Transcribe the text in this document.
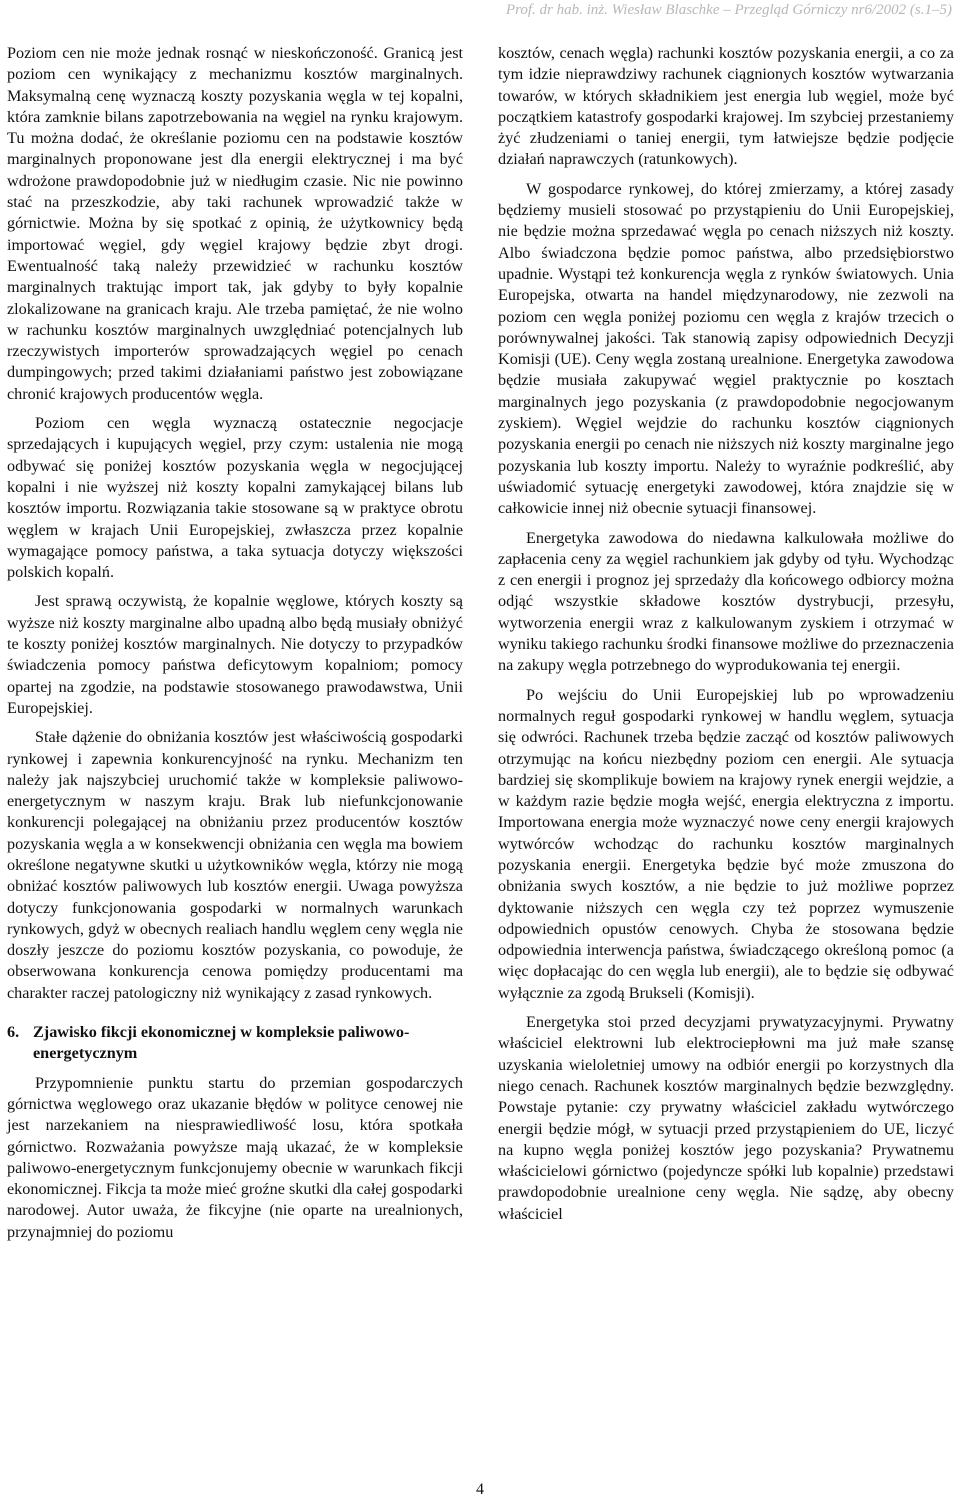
Prof. dr hab. inż. Wiesław Blaschke – Przegląd Górniczy nr6/2002 (s.1–5)

Poziom cen nie może jednak rosnąć w nieskończoność. Granicą jest poziom cen wynikający z mechanizmu kosztów marginalnych. Maksymalną cenę wyznaczą koszty pozyskania węgla w tej kopalni, która zamknie bilans zapotrzebowania na węgiel na rynku krajowym. Tu można dodać, że określanie poziomu cen na podstawie kosztów marginalnych proponowane jest dla energii elektrycznej i ma być wdrożone prawdopodobnie już w niedługim czasie. Nic nie powinno stać na przeszkodzie, aby taki rachunek wprowadzić także w górnictwie. Można by się spotkać z opinią, że użytkownicy będą importować węgiel, gdy węgiel krajowy będzie zbyt drogi. Ewentualność taką należy przewidzieć w rachunku kosztów marginalnych traktując import tak, jak gdyby to były kopalnie zlokalizowane na granicach kraju. Ale trzeba pamiętać, że nie wolno w rachunku kosztów marginalnych uwzględniać potencjalnych lub rzeczywistych importerów sprowadzających węgiel po cenach dumpingowych; przed takimi działaniami państwo jest zobowiązane chronić krajowych producentów węgla.

Poziom cen węgla wyznaczą ostatecznie negocjacje sprzedających i kupujących węgiel, przy czym: ustalenia nie mogą odbywać się poniżej kosztów pozyskania węgla w negocjującej kopalni i nie wyższej niż koszty kopalni zamykającej bilans lub kosztów importu. Rozwiązania takie stosowane są w praktyce obrotu węglem w krajach Unii Europejskiej, zwłaszcza przez kopalnie wymagające pomocy państwa, a taka sytuacja dotyczy większości polskich kopalń.

Jest sprawą oczywistą, że kopalnie węglowe, których koszty są wyższe niż koszty marginalne albo upadną albo będą musiały obniżyć te koszty poniżej kosztów marginalnych. Nie dotyczy to przypadków świadczenia pomocy państwa deficytowym kopalniom; pomocy opartej na zgodzie, na podstawie stosowanego prawodawstwa, Unii Europejskiej.

Stałe dążenie do obniżania kosztów jest właściwością gospodarki rynkowej i zapewnia konkurencyjność na rynku. Mechanizm ten należy jak najszybciej uruchomić także w kompleksie paliwowo-energetycznym w naszym kraju. Brak lub niefunkcjonowanie konkurencji polegającej na obniżaniu przez producentów kosztów pozyskania węgla a w konsekwencji obniżania cen węgla ma bowiem określone negatywne skutki u użytkowników węgla, którzy nie mogą obniżać kosztów paliwowych lub kosztów energii. Uwaga powyższa dotyczy funkcjonowania gospodarki w normalnych warunkach rynkowych, gdyż w obecnych realiach handlu węglem ceny węgla nie doszły jeszcze do poziomu kosztów pozyskania, co powoduje, że obserwowana konkurencja cenowa pomiędzy producentami ma charakter raczej patologiczny niż wynikający z zasad rynkowych.

6. Zjawisko fikcji ekonomicznej w kompleksie paliwowo-energetycznym

Przypomnienie punktu startu do przemian gospodarczych górnictwa węglowego oraz ukazanie błędów w polityce cenowej nie jest narzekaniem na niesprawiedliwość losu, która spotkała górnictwo. Rozważania powyższe mają ukazać, że w kompleksie paliwowo-energetycznym funkcjonujemy obecnie w warunkach fikcji ekonomicznej. Fikcja ta może mieć groźne skutki dla całej gospodarki narodowej. Autor uważa, że fikcyjne (nie oparte na urealnionych, przynajmniej do poziomu

kosztów, cenach węgla) rachunki kosztów pozyskania energii, a co za tym idzie nieprawdziwy rachunek ciągnionych kosztów wytwarzania towarów, w których składnikiem jest energia lub węgiel, może być początkiem katastrofy gospodarki krajowej. Im szybciej przestaniemy żyć złudzeniami o taniej energii, tym łatwiejsze będzie podjęcie działań naprawczych (ratunkowych).

W gospodarce rynkowej, do której zmierzamy, a której zasady będziemy musieli stosować po przystąpieniu do Unii Europejskiej, nie będzie można sprzedawać węgla po cenach niższych niż koszty. Albo świadczona będzie pomoc państwa, albo przedsiębiorstwo upadnie. Wystąpi też konkurencja węgla z rynków światowych. Unia Europejska, otwarta na handel międzynarodowy, nie zezwoli na poziom cen węgla poniżej poziomu cen węgla z krajów trzecich o porównywalnej jakości. Tak stanowią zapisy odpowiednich Decyzji Komisji (UE). Ceny węgla zostaną urealnione. Energetyka zawodowa będzie musiała zakupywać węgiel praktycznie po kosztach marginalnych jego pozyskania (z prawdopodobnie negocjowanym zyskiem). Węgiel wejdzie do rachunku kosztów ciągnionych pozyskania energii po cenach nie niższych niż koszty marginalne jego pozyskania lub koszty importu. Należy to wyraźnie podkreślić, aby uświadomić sytuację energetyki zawodowej, która znajdzie się w całkowicie innej niż obecnie sytuacji finansowej.

Energetyka zawodowa do niedawna kalkulowała możliwe do zapłacenia ceny za węgiel rachunkiem jak gdyby od tyłu. Wychodząc z cen energii i prognoz jej sprzedaży dla końcowego odbiorcy można odjąć wszystkie składowe kosztów dystrybucji, przesyłu, wytworzenia energii wraz z kalkulowanym zyskiem i otrzymać w wyniku takiego rachunku środki finansowe możliwe do przeznaczenia na zakupy węgla potrzebnego do wyprodukowania tej energii.

Po wejściu do Unii Europejskiej lub po wprowadzeniu normalnych reguł gospodarki rynkowej w handlu węglem, sytuacja się odwróci. Rachunek trzeba będzie zacząć od kosztów paliwowych otrzymując na końcu niezbędny poziom cen energii. Ale sytuacja bardziej się skomplikuje bowiem na krajowy rynek energii wejdzie, a w każdym razie będzie mogła wejść, energia elektryczna z importu. Importowana energia może wyznaczyć nowe ceny energii krajowych wytwórców wchodząc do rachunku kosztów marginalnych pozyskania energii. Energetyka będzie być może zmuszona do obniżania swych kosztów, a nie będzie to już możliwe poprzez dyktowanie niższych cen węgla czy też poprzez wymuszenie odpowiednich opustów cenowych. Chyba że stosowana będzie odpowiednia interwencja państwa, świadczącego określoną pomoc (a więc dopłacając do cen węgla lub energii), ale to będzie się odbywać wyłącznie za zgodą Brukseli (Komisji).

Energetyka stoi przed decyzjami prywatyzacyjnymi. Prywatny właściciel elektrowni lub elektrociepłowni ma już małe szansę uzyskania wieloletniej umowy na odbiór energii po korzystnych dla niego cenach. Rachunek kosztów marginalnych będzie bezwzględny. Powstaje pytanie: czy prywatny właściciel zakładu wytwórczego energii będzie mógł, w sytuacji przed przystąpieniem do UE, liczyć na kupno węgla poniżej kosztów jego pozyskania? Prywatnemu właścicielowi górnictwo (pojedyncze spółki lub kopalnie) przedstawi prawdopodobnie urealnione ceny węgla. Nie sądzę, aby obecny właściciel

4
